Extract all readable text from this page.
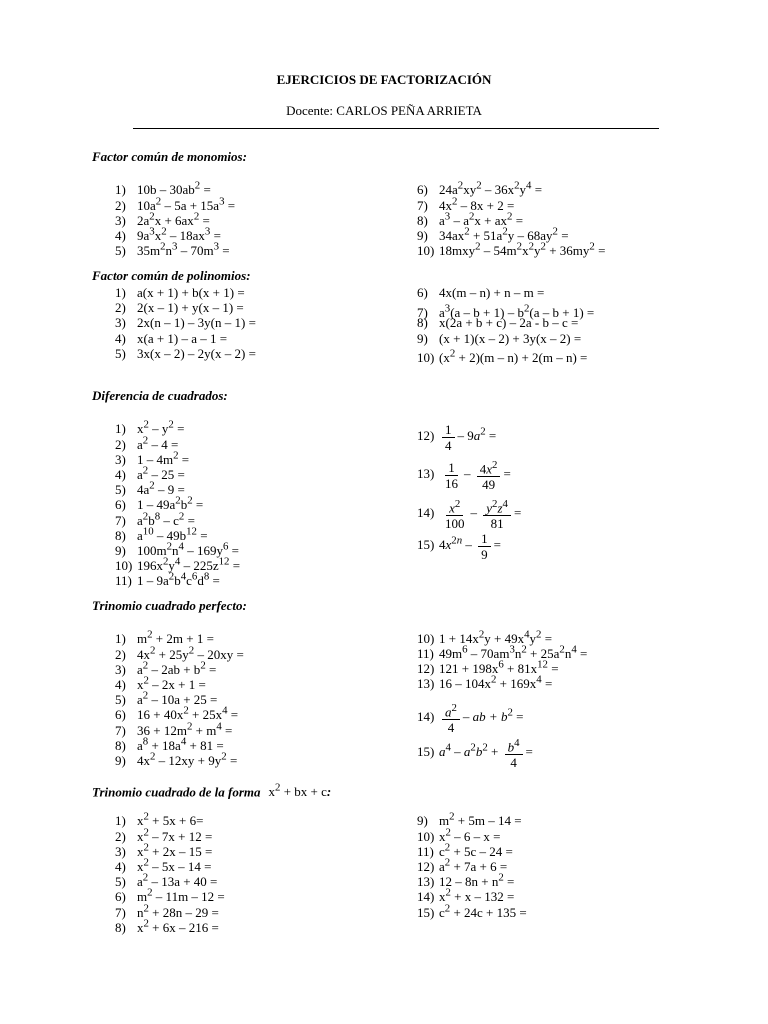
EJERCICIOS DE FACTORIZACIÓN
Docente: CARLOS PEÑA ARRIETA
Factor común de monomios:
1) $10b - 30ab^2$ =
2) $10a^2 - 5a + 15a^3$ =
3) $2a^2x + 6ax^2$ =
4) $9a^3x^2 - 18ax^3$ =
5) $35m^2n^3 - 70m^3$ =
6) $24a^2xy^2 - 36x^2y^4$ =
7) $4x^2 - 8x + 2$ =
8) $a^3 - a^2x + ax^2$ =
9) $34ax^2 + 51a^2y - 68ay^2$ =
10) $18mxy^2 - 54m^2x^2y^2 + 36my^2$ =
Factor común de polinomios:
1) a(x + 1) + b(x + 1) =
2) 2(x – 1) + y(x – 1) =
3) 2x(n – 1) – 3y(n – 1) =
4) x(a + 1) – a – 1 =
5) 3x(x – 2) – 2y(x – 2) =
6) 4x(m – n) + n – m =
7) $a^3(a - b + 1) - b^2(a - b + 1)$ =
8) x(2a + b + c) – 2a - b – c =
9) (x + 1)(x – 2) + 3y(x – 2) =
10) $(x^2 + 2)(m - n) + 2(m - n)$ =
Diferencia de cuadrados:
1) $x^2 - y^2$ =
2) $a^2 - 4$ =
3) $1 - 4m^2$ =
4) $a^2 - 25$ =
5) $4a^2 - 9$ =
6) $1 - 49a^2b^2$ =
7) $a^2b^8 - c^2$ =
8) $a^{10} - 49b^{12}$ =
9) $100m^2n^4 - 169y^6$ =
10) $196x^2y^4 - 225z^{12}$ =
11) $1 - 9a^2b^4c^6d^8$ =
$12) \frac{1}{4} - 9a^2$ =
$13) \frac{1}{16} - \frac{4x^2}{49}$ =
$14) \frac{x^2}{100} - \frac{y^2z^4}{81}$ =
15) $4x^{2n} - \frac{1}{9}$ =
Trinomio cuadrado perfecto:
1) $m^2 + 2m + 1$ =
2) $4x^2 + 25y^2 - 20xy$ =
3) $a^2 - 2ab + b^2$ =
4) $x^2 - 2x + 1$ =
5) $a^2 - 10a + 25$ =
6) $16 + 40x^2 + 25x^4$ =
7) $36 + 12m^2 + m^4$ =
8) $a^8 + 18a^4 + 81$ =
9) $4x^2 - 12xy + 9y^2$ =
10) $1 + 14x^2y + 49x^4y^2$ =
11) $49m^6 - 70am^3n^2 + 25a^2n^4$ =
12) $121 + 198x^6 + 81x^{12}$ =
13) $16 - 104x^2 + 169x^4$ =
$14) \frac{a^2}{4}$ – ab + $b^2$ =
15) $a^4 - a^2b^2 + \frac{b^4}{4}$ =
Trinomio cuadrado de la forma $x^2$ + bx + c:
1) $x^2 + 5x + 6=$
2) $x^2 - 7x + 12$ =
3) $x^2 + 2x - 15$ =
4) $x^2 - 5x - 14$ =
5) $a^2 - 13a + 40$ =
6) $m^2 - 11m - 12$ =
7) $n^2 + 28n - 29$ =
8) $x^2 + 6x - 216$ =
9) $m^2 + 5m - 14$ =
10) $x^2 - 6$ – x =
11) $c^2 + 5c - 24$ =
12) $a^2 + 7a + 6$ =
13) $12 - 8n + n^2$ =
14) $x^2 + x - 132$ =
15) $c^2 + 24c + 135$ =
